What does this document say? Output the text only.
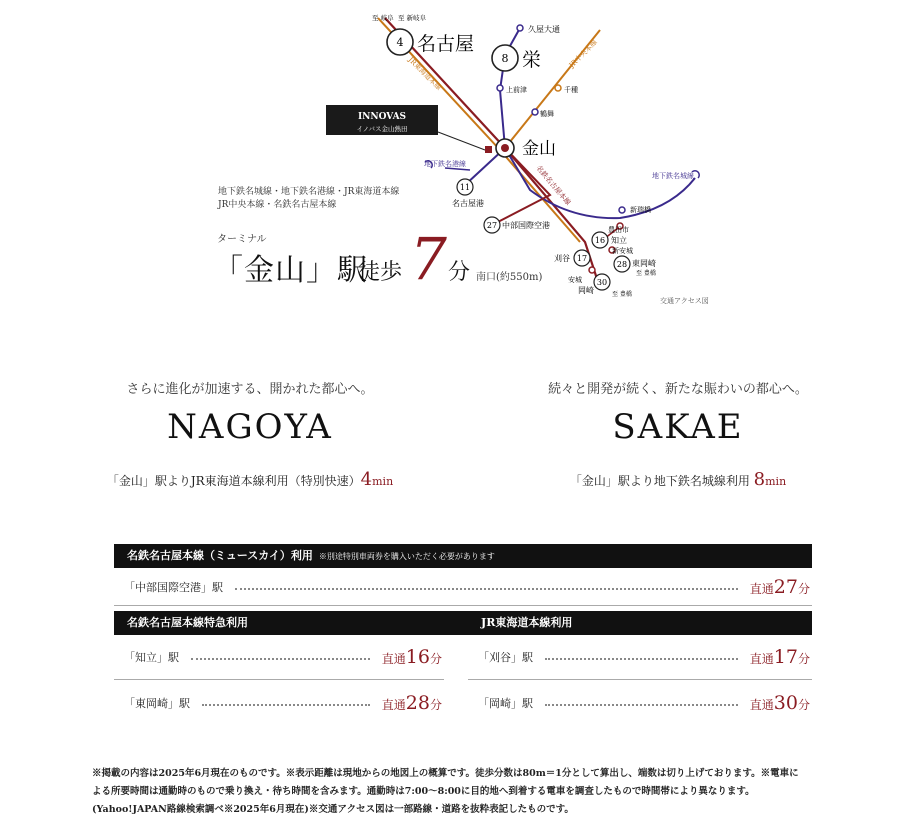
4 名古屋
8 栄
金山
11
名古屋港
27 中部国際空港
16 知立
17
刈谷
28 東岡崎
30
岡崎
至 岐阜 至 新岐阜
久屋大通
上前津
鶴舞
千種
新瑞橋
豊田市
新安城
安城
至 豊橋
至 豊橋
地下鉄名城線
地下鉄名港線
JR中央本線
JR東海道本線
名鉄名古屋本線
INNOVAS
イノバス金山熱田
地下鉄名城線・地下鉄名港線・JR東海道本線
JR中央本線・名鉄名古屋本線
ターミナル
「金山」駅
徒歩 7 分 南口(約550m)
交通アクセス図
さらに進化が加速する、開かれた都心へ。
NAGOYA
「金山」駅よりJR東海道本線利用（特別快速）4min
続々と開発が続く、新たな賑わいの都心へ。
SAKAE
「金山」駅より地下鉄名城線利用 8min
名鉄名古屋本線（ミュースカイ）利用 ※別途特別車両券を購入いただく必要があります
「中部国際空港」駅	直通27分
名鉄名古屋本線特急利用
「知立」駅	直通16分
「東岡崎」駅	直通28分
JR東海道本線利用
「刈谷」駅	直通17分
「岡崎」駅	直通30分
※掲載の内容は2025年6月現在のものです。※表示距離は現地からの地図上の概算です。徒歩分数は80m＝1分として算出し、端数は切り上げております。※電車による所要時間は通勤時のもので乗り換え・待ち時間を含みます。通勤時は7:00～8:00に目的地へ到着する電車を調査したもので時間帯により異なります。(Yahoo!JAPAN路線検索調べ※2025年6月現在)※交通アクセス図は一部路線・道路を抜粋表記したものです。
